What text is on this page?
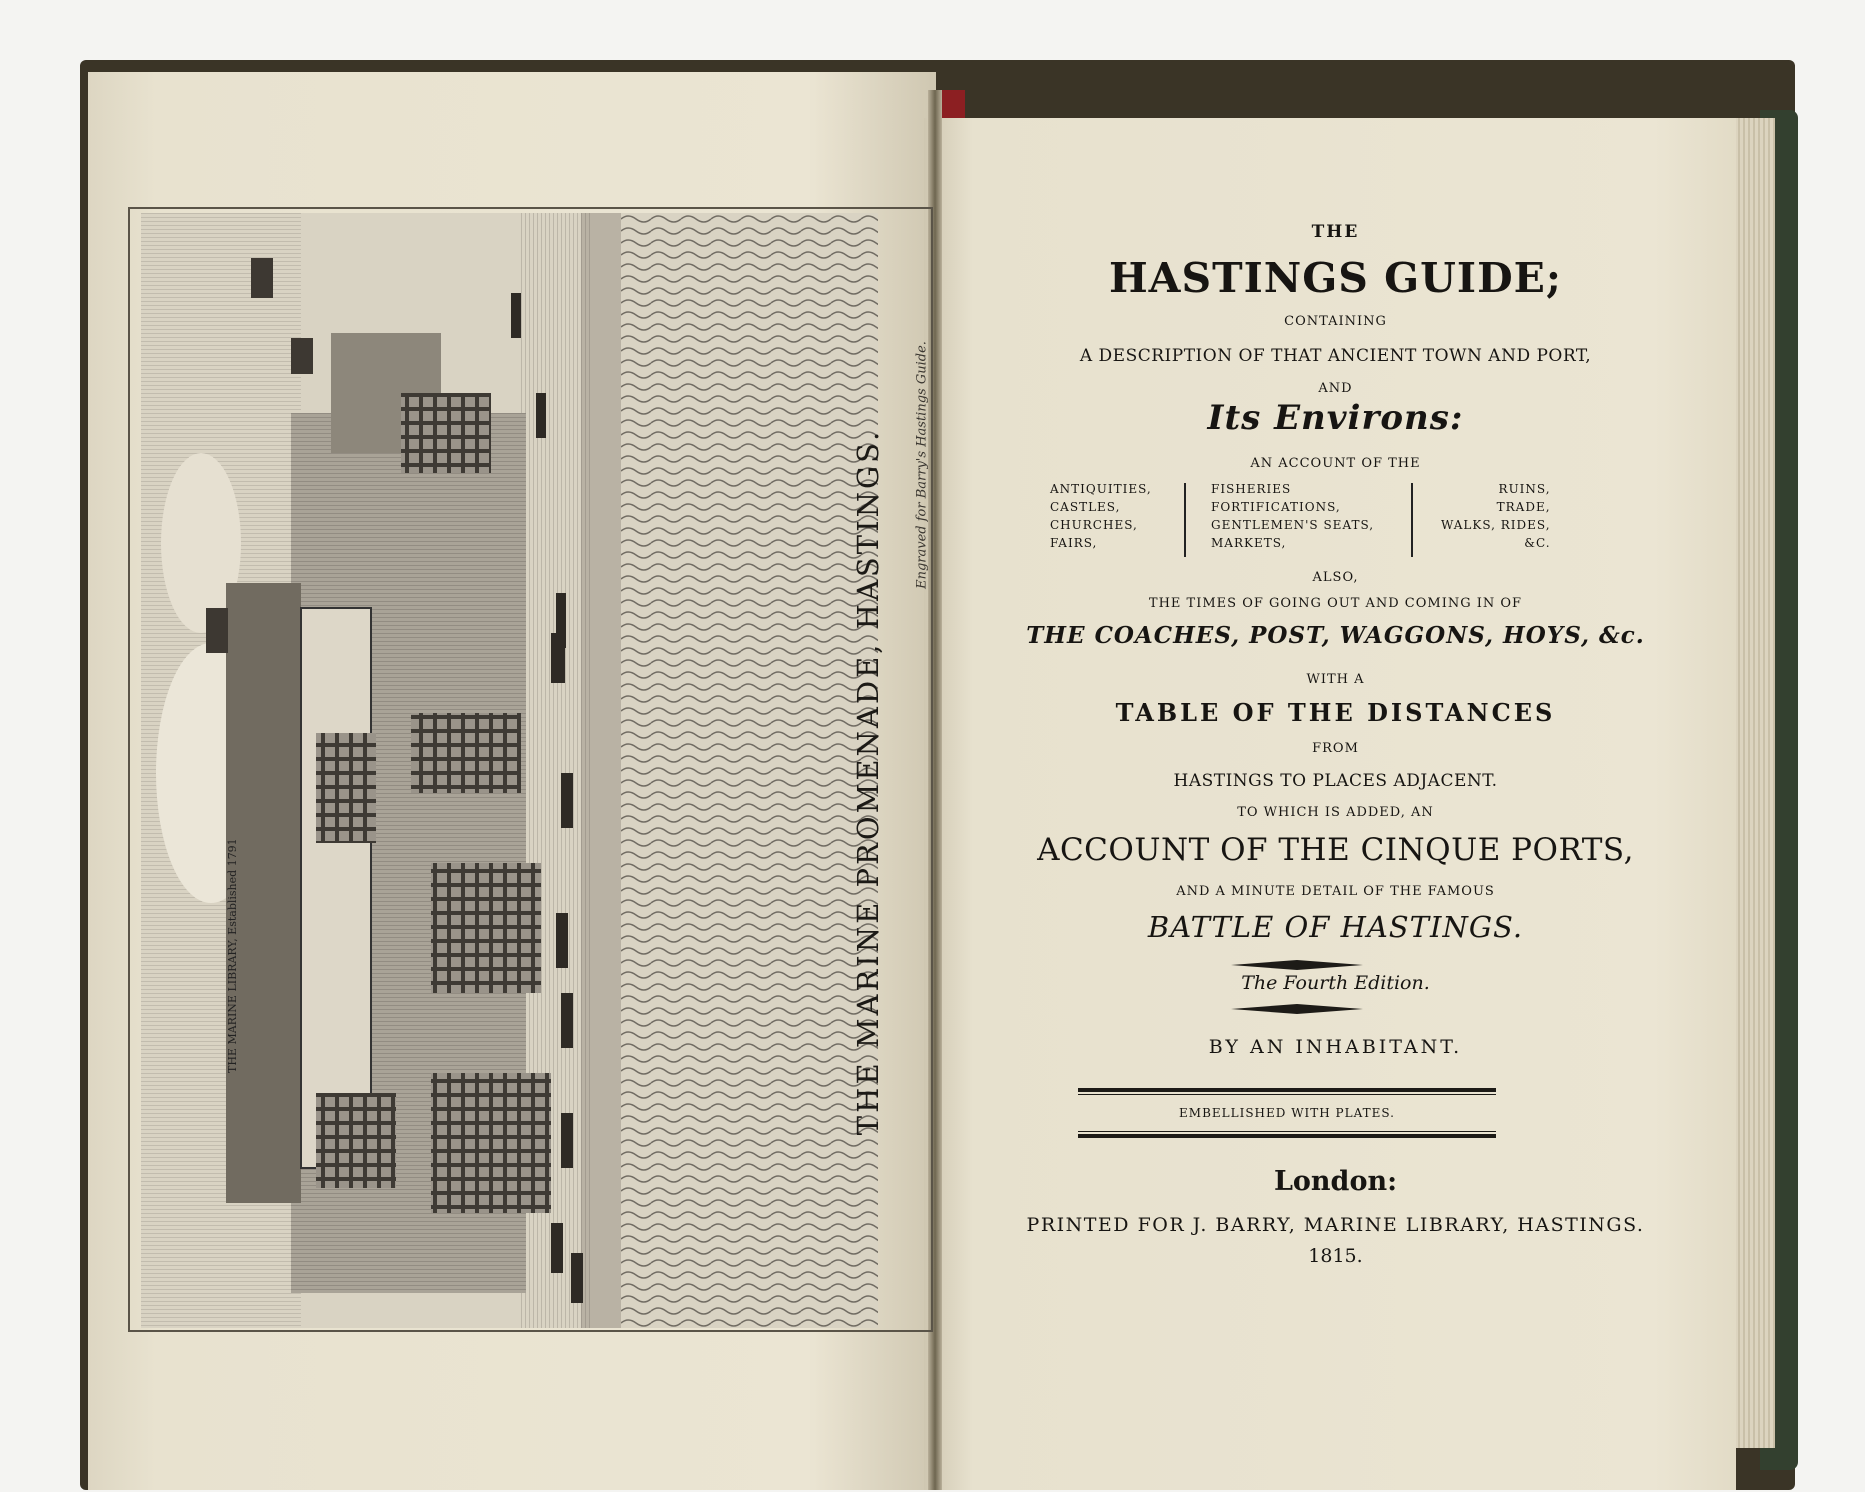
THE MARINE LIBRARY, Established 1791	THE MARINE PROMENADE, HASTINGS. Engraved for Barry's Hastings Guide.
THE
HASTINGS GUIDE;
CONTAINING
A DESCRIPTION OF THAT ANCIENT TOWN AND PORT,
AND
Its Environs:
AN ACCOUNT OF THE
ANTIQUITIES,
CASTLES,
CHURCHES,
FAIRS,
FISHERIES
FORTIFICATIONS,
GENTLEMEN'S SEATS,
MARKETS,
RUINS,
TRADE,
WALKS, RIDES,
&C.
ALSO,
THE TIMES OF GOING OUT AND COMING IN OF
THE COACHES, POST, WAGGONS, HOYS, &c.
WITH A
TABLE OF THE DISTANCES
FROM
HASTINGS TO PLACES ADJACENT.
TO WHICH IS ADDED, AN
ACCOUNT OF THE CINQUE PORTS,
AND A MINUTE DETAIL OF THE FAMOUS
BATTLE OF HASTINGS.
The Fourth Edition.
BY AN INHABITANT.
EMBELLISHED WITH PLATES.
London:
PRINTED FOR J. BARRY, MARINE LIBRARY, HASTINGS.
1815.
